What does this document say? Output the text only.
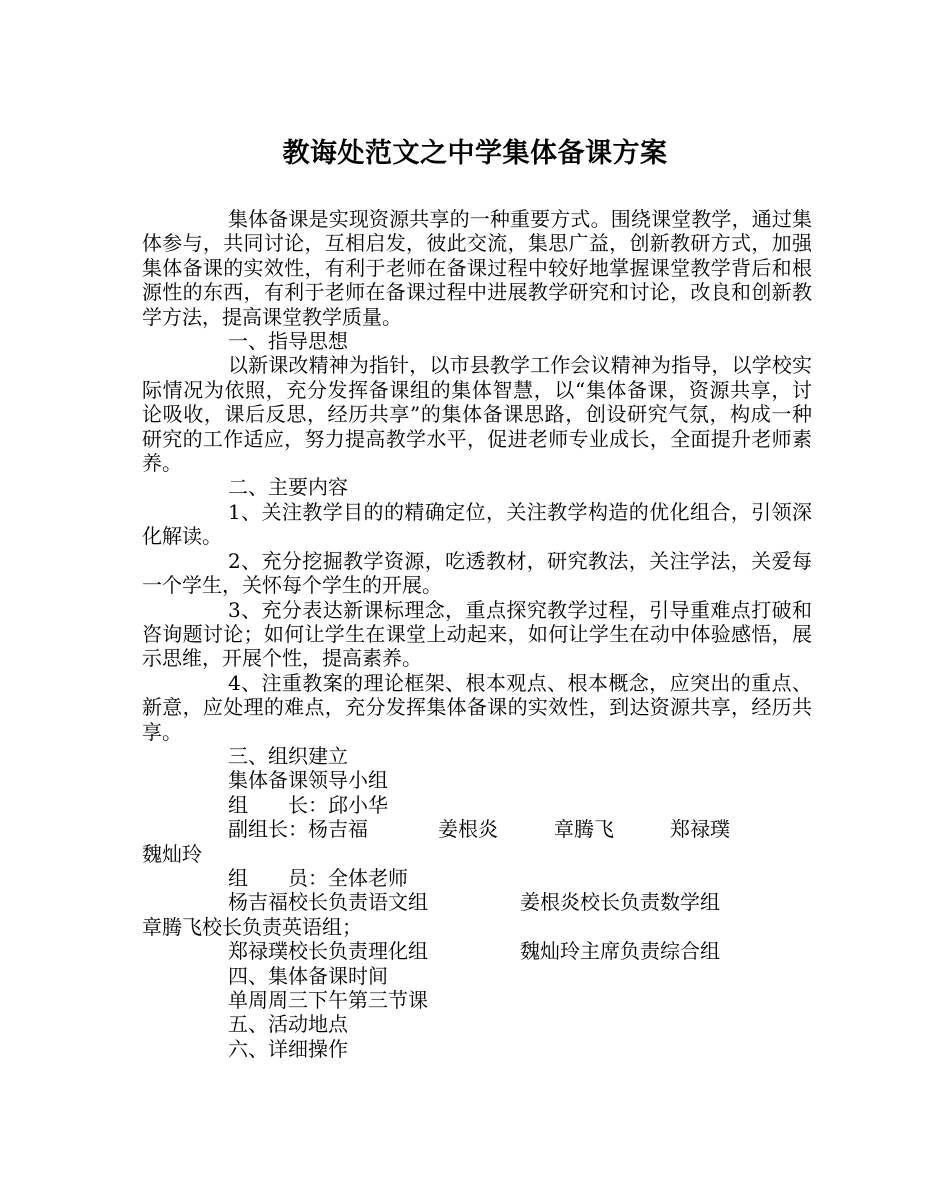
教诲处范文之中学集体备课方案

集体备课是实现资源共享的一种重要方式。围绕课堂教学，通过集体参与，共同讨论，互相启发，彼此交流，集思广益，创新教研方式，加强集体备课的实效性，有利于老师在备课过程中较好地掌握课堂教学背后和根源性的东西，有利于老师在备课过程中进展教学研究和讨论，改良和创新教学方法，提高课堂教学质量。

一、指导思想

以新课改精神为指针，以市县教学工作会议精神为指导，以学校实际情况为依照，充分发挥备课组的集体智慧，以“集体备课，资源共享，讨论吸收，课后反思，经历共享”的集体备课思路，创设研究气氛，构成一种研究的工作适应，努力提高教学水平，促进老师专业成长，全面提升老师素养。

二、主要内容

1、关注教学目的的精确定位，关注教学构造的优化组合，引领深化解读。

2、充分挖掘教学资源，吃透教材，研究教法，关注学法，关爱每一个学生，关怀每个学生的开展。

3、充分表达新课标理念，重点探究教学过程，引导重难点打破和咨询题讨论；如何让学生在课堂上动起来，如何让学生在动中体验感悟，展示思维，开展个性，提高素养。

4、注重教案的理论框架、根本观点、根本概念，应突出的重点、新意，应处理的难点，充分发挥集体备课的实效性，到达资源共享，经历共享。

三、组织建立

集体备课领导小组

组　　长：邱小华

副组长：杨吉福	姜根炎	章腾飞	郑禄璞

魏灿玲

组　　员：全体老师

杨吉福校长负责语文组	姜根炎校长负责数学组

章腾飞校长负责英语组；

郑禄璞校长负责理化组	魏灿玲主席负责综合组

四、集体备课时间

单周周三下午第三节课

五、活动地点

六、详细操作
